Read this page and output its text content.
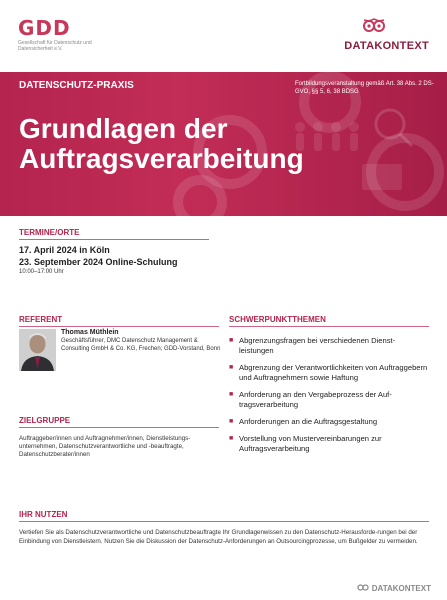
GDD
Gesellschaft für Datenschutz und Datensicherheit e.V.	DATAKONTEXT
DATENSCHUTZ-PRAXIS	Fortbildungsveranstaltung gemäß Art. 38 Abs. 2 DS-GVO, §§ 5, 6, 38 BDSG
Grundlagen der
Auftragsverarbeitung
TERMINE/ORTE
17. April 2024 in Köln
23. September 2024 Online-Schulung
10:00–17:00 Uhr
REFERENT
Thomas Müthlein
Geschäftsführer, DMC Datenschutz Management & Consulting GmbH & Co. KG, Frechen; GDD-Vorstand, Bonn
ZIELGRUPPE
Auftraggeber/innen und Auftragnehmer/innen, Dienstleistungs-unternehmen, Datenschutzverantwortliche und -beauftragte, Datenschutzberater/innen
SCHWERPUNKTTHEMEN
■ Abgrenzungsfragen bei verschiedenen Dienst-leistungen
■ Abgrenzung der Verantwortlichkeiten von Auftraggebern und Auftragnehmern sowie Haftung
■ Anforderung an den Vergabeprozess der Auf-tragsverarbeitung
■ Anforderungen an die Auftragsgestaltung
■ Vorstellung von Mustervereinbarungen zur Auftragsverarbeitung
IHR NUTZEN
Vertiefen Sie als Datenschutzverantwortliche und Datenschutzbeauftragte Ihr Grundlagenwissen zu den Datenschutz-Herausforde-rungen bei der Einbindung von Dienstleistern. Nutzen Sie die Diskussion der Datenschutz-Anforderungen an Outsourcingprozesse, um Bußgelder zu vermeiden.
DATAKONTEXT
